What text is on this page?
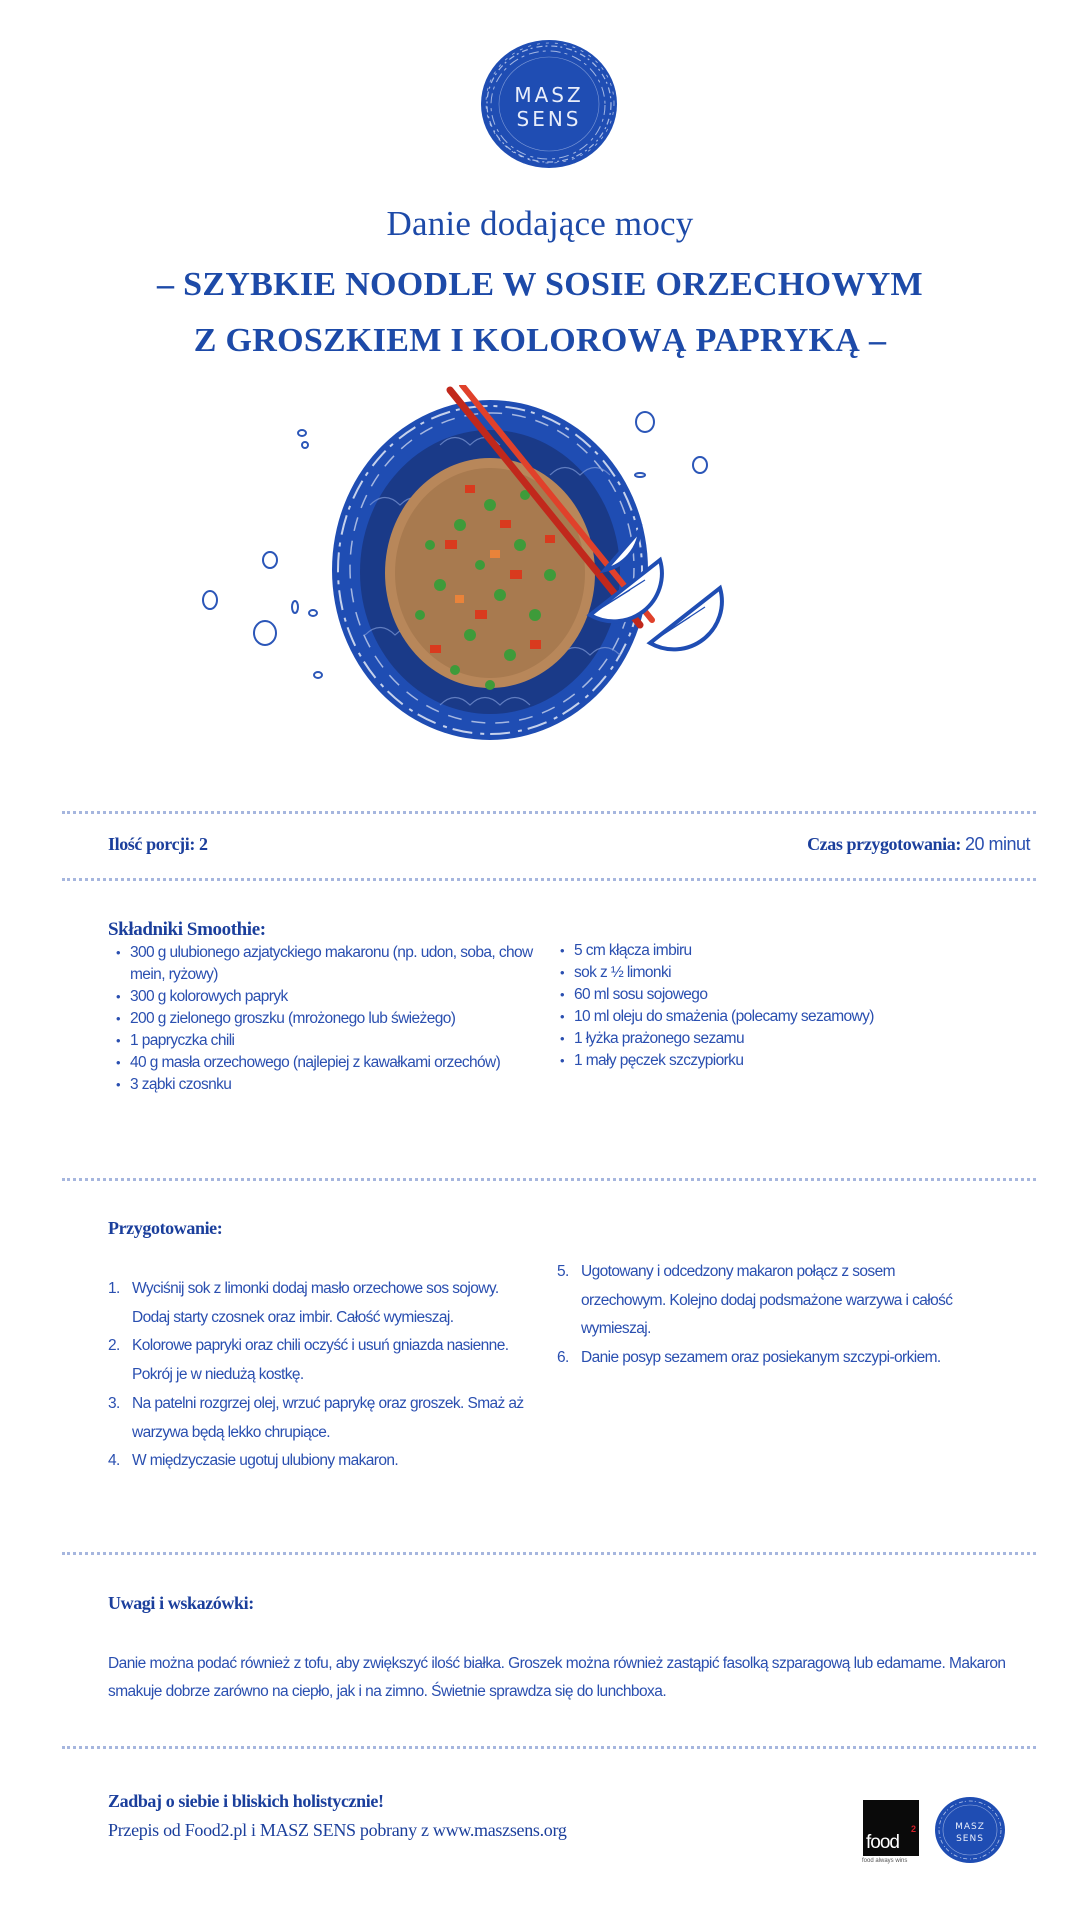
MASZ
SENS
Danie dodające mocy
– SZYBKIE NOODLE W SOSIE ORZECHOWYM
Z GROSZKIEM I KOLOROWĄ PAPRYKĄ –
Ilość porcji: 2	Czas przygotowania: 20 minut
Składniki Smoothie:
• 300 g ulubionego azjatyckiego makaronu (np. udon, soba, chow mein, ryżowy)
• 300 g kolorowych papryk
• 200 g zielonego groszku (mrożonego lub świeżego)
• 1 papryczka chili
• 40 g masła orzechowego (najlepiej z kawałkami orzechów)
• 3 ząbki czosnku
• 5 cm kłącza imbiru
• sok z ½ limonki
• 60 ml sosu sojowego
• 10 ml oleju do smażenia (polecamy sezamowy)
• 1 łyżka prażonego sezamu
• 1 mały pęczek szczypiorku
Przygotowanie:
1. Wyciśnij sok z limonki dodaj masło orzechowe sos sojowy. Dodaj starty czosnek oraz imbir. Całość wymieszaj.
2. Kolorowe papryki oraz chili oczyść i usuń gniazda nasienne. Pokrój je w niedużą kostkę.
3. Na patelni rozgrzej olej, wrzuć paprykę oraz groszek. Smaż aż warzywa będą lekko chrupiące.
4. W międzyczasie ugotuj ulubiony makaron.
5. Ugotowany i odcedzony makaron połącz z sosem orzechowym. Kolejno dodaj podsmażone warzywa i całość wymieszaj.
6. Danie posyp sezamem oraz posiekanym szczypi-orkiem.
Uwagi i wskazówki:
Danie można podać również z tofu, aby zwiększyć ilość białka. Groszek można również zastąpić fasolką szparagową lub edamame. Makaron smakuje dobrze zarówno na ciepło, jak i na zimno. Świetnie sprawdza się do lunchboxa.
Zadbaj o siebie i bliskich holistycznie!
Przepis od Food2.pl i MASZ SENS pobrany z www.maszsens.org
food
2
food always wins
MASZ
SENS
